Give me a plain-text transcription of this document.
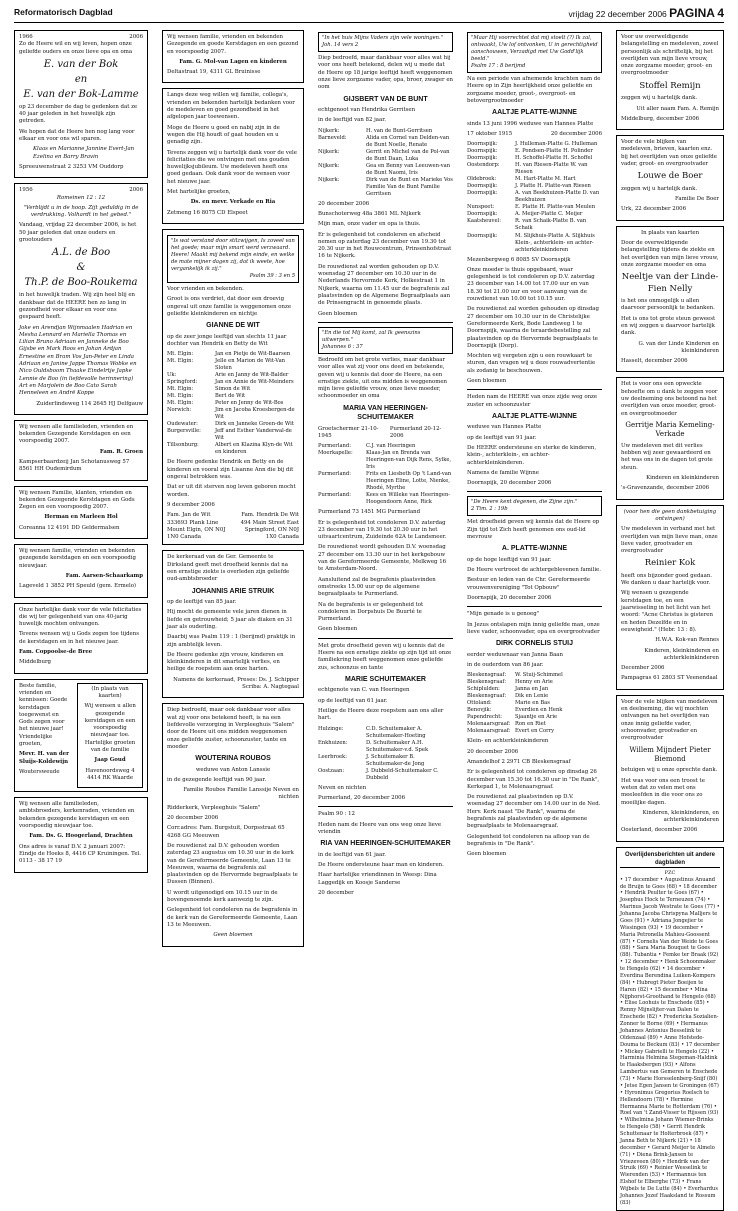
Reformatorisch Dagblad	vrijdag 22 december 2006 PAGINA 4
1966	2006

Zo de Heere wil en wij leven, hopen onze geliefde ouders en onze lieve opa en oma

E. van der Bok
en
E. van der Bok-Lamme

op 23 december de dag te gedenken dat ze 40 jaar geleden in het huwelijk zijn getreden.

We hopen dat de Heere hen nog lang voor elkaar en voor ons wil sparen.

Klaas en Marianne Jannine Evert-Jan Ezelina en Barry Bravin

Spreeuwenstraat 2 3253 VM Ouddorp

1956	2006

Romeinen 12 : 12

"Verblijdt u in de hoop. Zijt geduldig in de verdrukking. Volhardt in het gebed."

Vandaag, vrijdag 22 december 2006, is het 50 jaar geleden dat onze ouders en grootouders

A.L. de Boo
&
Th.P. de Boo-Roukema

in het huwelijk traden. Wij zijn heel blij en dankbaar dat de HEERE hen zo lang in gezondheid voor elkaar en voor ons gespaard heeft.

Joke en Arendjan Wijnmaalen Hadrian en Mesha Lennard en Mariella Thomas en Lilian Bruno Adriaan en Janneke de Boo Gijsbe en Mark Roos en Johan Ardjan Ernestine en Bram Vos Jan-Peter en Linda Adriaan en Janine Jappe Thomas Wobke en Nico Ouldsboom Thaake Eindelrtje Japke Lennie de Boo (in liefdevolle herinnering) Art en Marjolein de Boo Cato Sarah Henneleen en Andrë Koppe

Zuiderlindeweg 114 2645 HJ Delfgauw

Wij wensen alle familieleden, vrienden en bekenden Gezegende Kerstdagen en een voorspoedig 2007.

Fam. R. Groen

Kampserbaardzeij Jan Schotanusweg 57 8561 HH Oudemirdum

Wij wensen Familie, klanten, vrienden en bekenden Gezegende Kerstdagen en Gods Zegen en een voorspoedig 2007.

Herman en Marleen Hol

Coreanna 12 4191 DD Geldermalsen

Wij wensen familie, vrienden en bekenden gezegende kerstdagen en een voorspoedig nieuwjaar.

Fam. Aarsen-Schaarkamp

Lageveld 1 3852 PH Speuld (gem. Ermelo)

Onze hartelijke dank voor de vele felicitaties die wij ter gelegenheid van ons 40-jarig huwelijk mochten ontvangen.

Tevens wensen wij u Gods zegen toe tijdens de kerstdagen en in het nieuwe jaar.

Fam. Coppoolse-de Bree

Middelburg

Beste familie, vrienden en kennissen: Goede kerstdagen toegewenst en Gods zegen voor het nieuwe jaar! Vriendelijke groeten,

Mevr. H. van der Sluijs-Koldewijn

Woutersweude

(In plaats van kaarten)

Wij wensen u allen gezegende kerstdagen en een voorspoedig nieuwjaar toe. Hartelijke groeten van de familie

Jaap Goud

Havenoordsweg 4 4414 RK Waarde

Wij wensen alle familieleden, ambtsbroeders, kerkenraden, vrienden en bekenden gezegende kerstdagen en een voorspoedig nieuwjaar toe.

Fam. Ds. G. Hoogerland, Drachten

Ons adres is vanaf D.V. 2 januari 2007: Eindje de Hoeks 8, 4416 CP Kruiningen. Tel. 0113 - 38 17 19

Wij wensen familie, vrienden en bekenden Gezegende en goede Kerstdagen en een gezond en voorspoedig 2007.

Fam. G. Mol-van Lagen en kinderen

Deltastraat 19, 4311 GL Bruinisse

Langs deze weg willen wij familie, collega's, vrienden en bekenden hartelijk bedanken voor de medeleven en goed gezondheid in het afgelopen jaar toewensen.

Moge de Heere u goed en nabij zijn in de wegen die Hij houdt of gaat houden en u genadig zijn.

Tevens zeggen wij u hartelijk dank voor de vele felicitaties die we ontvingen met ons gouden huwelijksjubileum. Uw medeleven heeft ons goed gedaan. Ook dank voor de wensen voor het nieuwe jaar.

Met hartelijke groeten,

Ds. en mevr. Verkade en Ria

Zetmeng 16 8075 CD Elspeet

"Is wat verstand door stilzwijgen, Is zoveel van het goede; maar mijn smart werd verzwaard. Heere! Maakt mij bekend mijn einde, en welke de mate mijner dagen zij, dat ik weete, hoe vergankelijk ik zij."
Psalm 39 : 3 en 5

Voor vrienden en bekenden.

Groot is ons verdriet, dat door een droevig ongeval uit onze familie is weggenomen onze geliefde kleinkinderen en nichtje

GIANNE DE WIT

op de zeer jonge leeftijd van slechts 11 jaar dochter van Hendrik en Betty de Wit

Mt. Elgin:	Jan en Pietje de Wit-Baarsen
Mt. Elgin:	Jelle en Marion de Wit-Van Sloten
Uk:	Arie en Janny de Wit-Balder
Springford:	Jan en Annie de Wit-Meinders
Mt. Elgin:	Simon de Wit
Mt. Elgin:	Bert de Wit
Mt. Elgin:	Peter en Jenny de Wit-Bos
Norwich:	Jim en Jacoba Kroesbergen-de Wit
Oudewater:	Dirk en Janneke Groen-de Wit
Burgersville:	Jeff and Esther Vanderwal-de Wit
Tillsonburg:	Albert en Klazina Klyn-de Wit en kinderen

De Heere gedenke Hendrik en Betty en de kinderen en vooral zijn Lisanne Ann die bij dit ongeval betrokken was.

Dat er uit dit sterven nog leven geboren mocht worden.

9 december 2006

Fam. Jan de Wit 333693 Plank Line Mount Elgin, ON N0J 1N0 Canada
Fam. Hendrik De Wit 494 Main Street East Springford, ON N0J 1X0 Canada

De kerkeraad van de Ger. Gemeente te Dirksland geeft met droefheid kennis dat na een ernstige ziekte is overleden zijn geliefde oud-ambtsbroeder

JOHANNIS ARIE STRUIK

op de leeftijd van 85 jaar.

Hij mocht de gemeente vele jaren dienen in liefde en getrouwheid; 5 jaar als diaken en 31 jaar als ouderling.

Daarbij was Psalm 119 : 1 (berijmd) praktijk in zijn ambtelijk leven.

De Heere gedenke zijn vrouw, kinderen en kleinkinderen in dit smartelijk verlies, en heilige de roepstem aan onze harten.

Namens de kerkeraad, Preses: Ds. J. Schipper Scriba: A. Nagtegaal

Diep bedroefd, maar ook dankbaar voor alles wat zij voor ons betekend heeft, is na een liefdevolle verzorging in Verpleeghuis "Salem" door de Heere uit ons midden weggenomen onze geliefde zuster, schoonzuster, tante en moeder

WOUTERINA ROUBOS

weduwe van Anton Lanssie

in de gezegende leeftijd van 90 jaar.

Familie Roubos Familie Lanssije Neven en nichten

Ridderkerk, Verpleeghuis "Salem"

20 december 2006

Corr.adres: Fam. Burgstuit, Dorpsstraat 65 4268 GG Meeuwen

De rouwdienst zal D.V. gehouden worden zaterdag 23 augustus om 10.30 uur in de kerk van de Gereformeerde Gemeente, Laan 13 te Meeuwen, waarna de begrafenis zal plaatsvinden op de Hervormde begraafplaats te Dussen (Binnen).

U wordt uitgenodigd om 10.15 uur in de bovengenoemde kerk aanwezig te zijn.

Gelegenheid tot condoleren na de begrafenis in de kerk van de Gereformeerde Gemeente, Laan 13 te Meeuwen.

Geen bloemen

"In het huis Mijns Vaders zijn vele woningen."
Joh. 14 vers 2

Diep bedroefd, maar dankbaar voor alles wat hij voor ons heeft betekend, delen wij u mede dat de Heere op 18 jarige leeftijd heeft weggenomen onze lieve zorgzame vader, opa, broer, zwager en oom

GIJSBERT VAN DE BUNT

echtgenoot van Hendrika Gerritsen

in de leeftijd van 82 jaar.

Nijkerk:	H. van de Bunt-Gerritsen
Barneveld:	Alida en Cornel van Delden-van de Bunt Noelle, Renate
Nijkerk:	Gerrit en Michel van de Pol-van de Bunt Daan, Luka
Nijkerk:	Gea en Benny van Leeuwen-van de Bunt Naomi, Iris
Nijkerk:	Dirk van de Bunt en Marieke Vos Familie Van de Bunt Familie Gerritsen

20 december 2006

Bunschoterweg 48a 3861 ML Nijkerk

Mijn man, onze vader en opa is thuis.

Er is gelegenheid tot condoleren en afscheid nemen op zaterdag 23 december van 19.30 tot 20.30 uur in het Rouwcentrum, Prinsenhofstraat 16 te Nijkerk.

De rouwdienst zal worden gehouden op D.V. woensdag 27 december om 10.30 uur in de Nederlands Hervormde Kerk, Holkestraat 1 in Nijkerk, waarna om 11.45 uur de begrafenis zal plaatsvinden op de Algemene Begraafplaats aan de Prinsengracht in genoemde plaats.

Geen bloemen

"En die tot Mij komt, zal Ik geenszins uitwerpen."
Johannes 6 : 37

Bedroefd om het grote verlies, maar dankbaar voor alles wat zij voor ons deed en betekende, geven wij u kennis dat door de Heere, na een ernstige ziekte, uit ons midden is weggenomen mijn lieve geliefde vrouw, onze lieve moeder, schoonmoeder en oma

MARIA VAN HEERINGEN-SCHUITEMAKER
Groetschermer 21-10-1945
Purmerland 20-12-2006
Purmerland:	C.J. van Heeringen
Moerkapelle:	Klaas-Jan en Brenda van Heeringen-van Dijk Rens, Sylke, Iris
Purmerland:	Frits en Liesbeth Op 't Land-van Heeringen Eline, Lotte, Nienke, Rhodé, Myrthe
Purmerland:	Kees en Willeke van Heeringen-Hoogendoorn Anne, Rick

Purmerland 73 1451 MG Purmerland

Er is gelegenheid tot condoleren D.V. zaterdag 23 december van 19.30 tot 20.30 uur in het uitvaartcentrum, Zuideinde 62A te Landsmeer.

De rouwdienst wordt gehouden D.V. woensdag 27 december om 13.30 uur in het kerkgebouw van de Gereformeerde Gemeente, Melkweg 16 te Amsterdam-Noord.

Aansluitend zal de begrafenis plaatsvinden omstreeks 15.00 uur op de algemene begraafplaats te Purmerland.

Na de begrafenis is er gelegenheid tot condoleren in Dorpshuis De Buurté te Purmerland.

Geen bloemen

Met grote droefheid geven wij u kennis dat de Heere na een ernstige ziekte op zijn tijd uit onze familiekring heeft weggenomen onze geliefde zus, schoonzus en tante

MARIE SCHUITEMAKER

echtgenote van C. van Heeringen

op de leeftijd van 61 jaar.

Heilige de Heere deze roepstem aan ons aller hart.

Hulzinge:	C.D. Schuitemaker A. Schuitemaker-Hoeting
Enkhuizen:	D. Schuitemaker A.H. Schuitemaker-v.d. Spek
Leerbroek:	J. Schuitemaker B. Schuitemaker-de Jong
Oostzaan:	J. Dubbeld-Schuitemaker C. Dubbeld

Neven en nichten

Purmerland, 20 december 2006

Psalm 90 : 12

Heden nam de Heere van ons weg onze lieve vriendin

RIA VAN HEERINGEN-SCHUITEMAKER

in de leeftijd van 61 jaar.

De Heere ondersteune haar man en kinderen.

Haar hartelijke vriendinnen in Weesp: Dina Laggedijk en Koosje Sanderse

20 december

"Maar Hij voorrechtet dat mij stoelt (?) Ik zal, ontwaakt, Uw lof ontvonken, U in gerechtigheid aanschouwen, Verzadigd met Uw Godd'lijk beeld."
Psalm 17 : 8 berijmd

Na een periode van afnemende krachten nam de Heere op in Zijn heerlijkheid onze geliefde en zorgzame moeder, groot-, overgroot- en betovergrootmoeder

AALTJE PLATTE-WIJNNE

sinds 13 juni 1996 weduwe van Hannes Platte

17 oktober 1915	20 december 2006
Doornspijk:	J. Hulleman-Platte G. Hulleman
Doornspijk:	E. Pondsen-Platte H. Polinder
Doornspijk:	H. Schoffel-Platte H. Schoffel
Oostendorp:	H. van Riesen-Platte W. van Riesen
Oldebroek:	M. Hart-Platte M. Hart
Doornspijk:	J. Platte H. Platte-van Riesen
Doornspijk:	A. van Beekhuizen-Platte D. van Beekhuizen
Nunspeet:	E. Platte H. Platte-van Meulen
Doornspijk:	A. Meijer-Platte C. Meijer
Kaatsheuvel:	R. van Schaik-Platte B. van Schaik
Doornspijk:	M. Slijkhuis-Platte A. Slijkhuis Klein-, achterklein- en achter-achterkleinkinderen

Mezenbergweg 6 8085 SV Doornspijk

Onze moeder is thuis opgebaard, waar gelegenheid is tot condoleren op D.V. zaterdag 23 december van 14.00 tot 17.00 uur en van 18.30 tot 21.00 uur en voor aanvang van de rouwdienst van 10.00 tot 10.15 uur.

De rouwdienst zal worden gehouden op dinsdag 27 december om 10.30 uur in de Christelijke Gereformeerde Kerk, Bode Landsweg 1 te Doornspijk, waarna de teraardebestelling zal plaatsvinden op de Hervormde begraafplaats te Doornspijk (Dorp).

Mochten wij vergeten zijn u een rouwkaart te sturen, dan vragen wij u deze rouwadvertentie als zodanig te beschouwen.

Geen bloemen

Heden nam de HEERE van onze zijde weg onze zuster en schoonzuster

AALTJE PLATTE-WIJNNE

weduwe van Hannes Platte

op de leeftijd van 91 jaar.

De HEERE ondersteune en sterke de kinderen, klein-, achterklein-, en achter-achterkleinkinderen.

Namens de familie Wijnne

Doornspijk, 20 december 2006

"De Heere kent degenen, die Zijne zijn."
2 Tim. 2 : 19b

Met droefheid geven wij kennis dat de Heere op Zijn tijd tot Zich heeft genomen ons oud-lid mevrouw

A. PLATTE-WIJNNE

op de hoge leeftijd van 91 jaar.

De Heere vertroost de achtergeblevenen familie.

Bestuur en leden van de Chr. Gereformeerde vrouwenvereniging "Tot Opbouw"

Doornspijk, 20 december 2006

"Mijn genade is u genoeg"

In Jezus ontslapen mijn innig geliefde man, onze lieve vader, schoonvader, opa en overgrootvader

DIRK CORNELIS STUIJ

eerder weduwnaar van Janna Baan

in de ouderdom van 86 jaar.

Bleskensgraaf:	W. Stuij-Schimmel
Bleskensgraaf:	Henny en Arie
Schiplulden:	Janna en Jan
Bleskensgraaf:	Dik en Lenie
Ottoland:	Marie en Bas
Benovjik:	Everdien en Henk
Papendrecht:	Sjaantje en Arie
Molenaarsgraaf: Ron en Riet
Molenaarsgraaf: Evert en Corry

Klein- en achterkleinkinderen

20 december 2006

Amandelhof 2 2971 CB Bleskensgraaf

Er is gelegenheid tot condoleren op dinsdag 26 december van 15.30 tot 16.30 uur in "De Rank", Kerkepad 1, te Molenaarsgraaf.

De rouwdienst zal plaatsvinden op D.V. woensdag 27 december om 14.00 uur in de Ned. Herv. Kerk naast "De Rank", waarna de begrafenis zal plaatsvinden op de algemene begraafplaats te Molenaarsgraaf.

Gelegenheid tot condoleren na afloop van de begrafenis in "De Rank".

Geen bloemen

Voor uw overweldigende belangstelling en medeleven, zowel persoonlijk als schriftelijk, bij het overlijden van mijn lieve vrouw, onze zorgzame moeder, groot- en overgrootmoeder

Stoffel Remijn

zeggen wij u hartelijk dank.

Uit aller naam Fam. A. Remijn

Middelburg, december 2006

Voor de vele blijken van medeleven, brieven, kaarten enz. bij het overlijden van onze geliefde vader, groot- en overgrootvader

Louwe de Boer

zeggen wij u hartelijk dank.

Familie De Boer

Urk, 22 december 2006

In plaats van kaarten

Door de overweldigende belangstelling tijdens de ziekte en het overlijden van mijn lieve vrouw, onze zorgzame moeder en oma

Neeltje van der Linde-Fien Nelly

is het ons onmogelijk u allen daarvoor persoonlijk te bedanken.

Het is ons tot grote steun geweest en wij zeggen u daarvoor hartelijk dank.

G. van der Linde Kinderen en kleinkinderen

Hasselt, december 2006

Het is voor ons een opweckte behoefte om u dank te zeggen voor uw deelneming ons betoond na het overlijden van onze moeder, groot- en overgrootmoeder

Gerritje Maria Kemeling-Verkade

Uw medeleven met dit verlies hebben wij zeer gewaardeerd en het was ons in de dagen tot grote steun.

Kinderen en kleinkinderen

's-Gravenzande, december 2006

(voor hen die geen dankbetuiging ontvingen)

Uw medeleven in verband met het overlijden van mijn lieve man, onze lieve vader, grootvader en overgrootvader

Reinier Kok

heeft ons bijzonder goed gedaan. We danken u daar hartelijk voor.

Wij wensen u gezegende kerstdagen toe, en een jaarwisseling in het licht van het woord: "Acne Christus is gisteren en heden Dezelfde en in eeuwigheid." (Hebr. 13 : 8).

H.W.A. Kok-van Rennes

Kinderen, kleinkinderen en achterkleinkinderen

December 2006

Pampagras 61 2803 ST Veenendaal

Voor de vele blijken van medeleven en deelneming, die wij mochten ontvangen na het overlijden van onze innig geliefde vader, schoonvader, grootvader en overgrootvader

Willem Mijndert Pieter Biemond

betuigen wij u onze oprechte dank.

Het was voor ons een troost te weten dat zo velen met ons meeleefden in die voor ons zo moeilijke dagen.

Kinderen, kleinkinderen, en achterkleinkinderen

Oosterland, december 2006

Overlijdensberichten uit andere dagbladen
PZC
• 17 december • Augustinus Anuand de Bruijn te Goes (68) • 18 december • Hendrik Peulter te Goes (67) • Josephus Hock te Terneuzen (74) • Marinus Jacob Westrate te Goes (77) • Johanna Jacoba Chrispyna Malljers te Goes (91) • Adriana Jongejier te Wissingen (93) • 19 december • Maria Petronella Mahieu-Goossent (87) • Cornelis Van der Weide te Goes (88) • Sara Maria Bouquet te Goes (88). Tubantia • Femke ter Braak (92) • 12 december • Henk Schoonmaker te Hengelo (62) • 14 december • Everdina Berendina Luiken-Kompers (84) • Hubregt Pieter Boeijen te Haren (82) • 15 december • Mina Nijphorst-Groothand te Hengelo (68) • Elise Loohuis te Enschede (85) • Renny Mijnslijter-van Dalen te Enschede (82) • Fredericka Sozialien-Zonner te Borne (69) • Hermanus Johannes Antonius Besselink te Oldenzaal (89) • Anne Hofstede-Douma te Beckum (83) • 17 december • Mickey Gabrielli te Hengelo (22) • Harminia Helmina Stegeman-Haldink te Haaksbergen (93) • Alfons Lambertus van Gemeren te Enschede (73) • Marie Horsselenberg-Snijf (80) • Jetse Egen Jansen te Groningen (67) • Hyronimus Gregorius Roelsch te Hellendoorn (78) • Hermine Hermanna Marie te Rotterdam (76) • Roel van 't Zand-Visser te Rijssen (93) • Wilhelmina Johann Wiemer-Brinks te Hengelo (58) • Gerrit Hendrik Schuttenaar te Holterbroek (87) • Janna Beth te Nijkerk (21) • 18 december • Gerard Meijer te Almelo (71) • Diena Brink-Jansen te Vriezeveen (80) • Hendrik van der Struik (69) • Reinier Wesselink te Wierenden (53) • Hermannus ten Elshof te Elberghe (73) • Frans Wijbels te De Lutte (84) • Everhardus Johannes Jozef Haaksland te Rossum (83)
